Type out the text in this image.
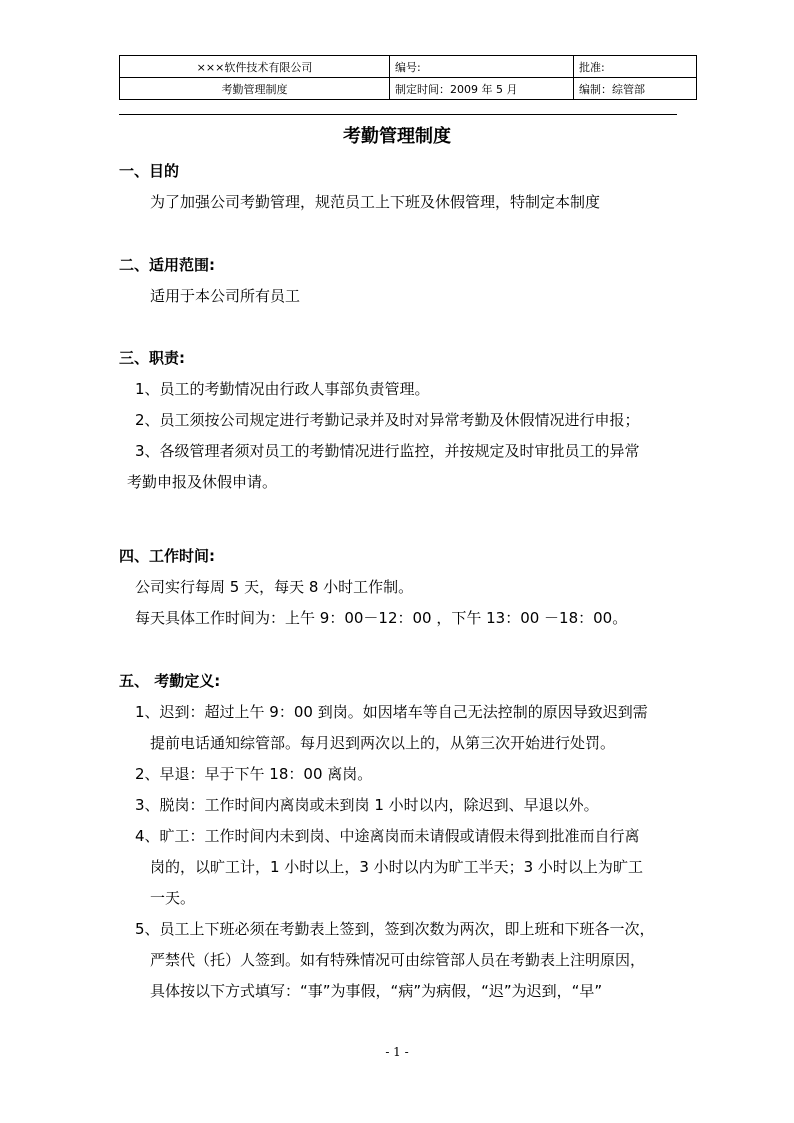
×××软件技术有限公司	编号:	批准:
考勤管理制度	制定时间：2009 年 5 月	编制：综管部
考勤管理制度
一、目的
为了加强公司考勤管理，规范员工上下班及休假管理，特制定本制度
二、适用范围:
适用于本公司所有员工
三、职责:
1、员工的考勤情况由行政人事部负责管理。
2、员工须按公司规定进行考勤记录并及时对异常考勤及休假情况进行申报；
3、各级管理者须对员工的考勤情况进行监控，并按规定及时审批员工的异常
考勤申报及休假申请。
四、工作时间:
公司实行每周 5 天，每天 8 小时工作制。
每天具体工作时间为：上午 9：00－12：00 ，下午 13：00 －18：00。
五、 考勤定义:
1、迟到：超过上午 9：00 到岗。如因堵车等自己无法控制的原因导致迟到需
提前电话通知综管部。每月迟到两次以上的，从第三次开始进行处罚。
2、早退：早于下午 18：00 离岗。
3、脱岗：工作时间内离岗或未到岗 1 小时以内，除迟到、早退以外。
4、旷工：工作时间内未到岗、中途离岗而未请假或请假未得到批准而自行离
岗的，以旷工计，1 小时以上，3 小时以内为旷工半天；3 小时以上为旷工
一天。
5、员工上下班必须在考勤表上签到，签到次数为两次，即上班和下班各一次，
严禁代（托）人签到。如有特殊情况可由综管部人员在考勤表上注明原因，
具体按以下方式填写：“事”为事假，“病”为病假，“迟”为迟到，“早”
- 1 -
